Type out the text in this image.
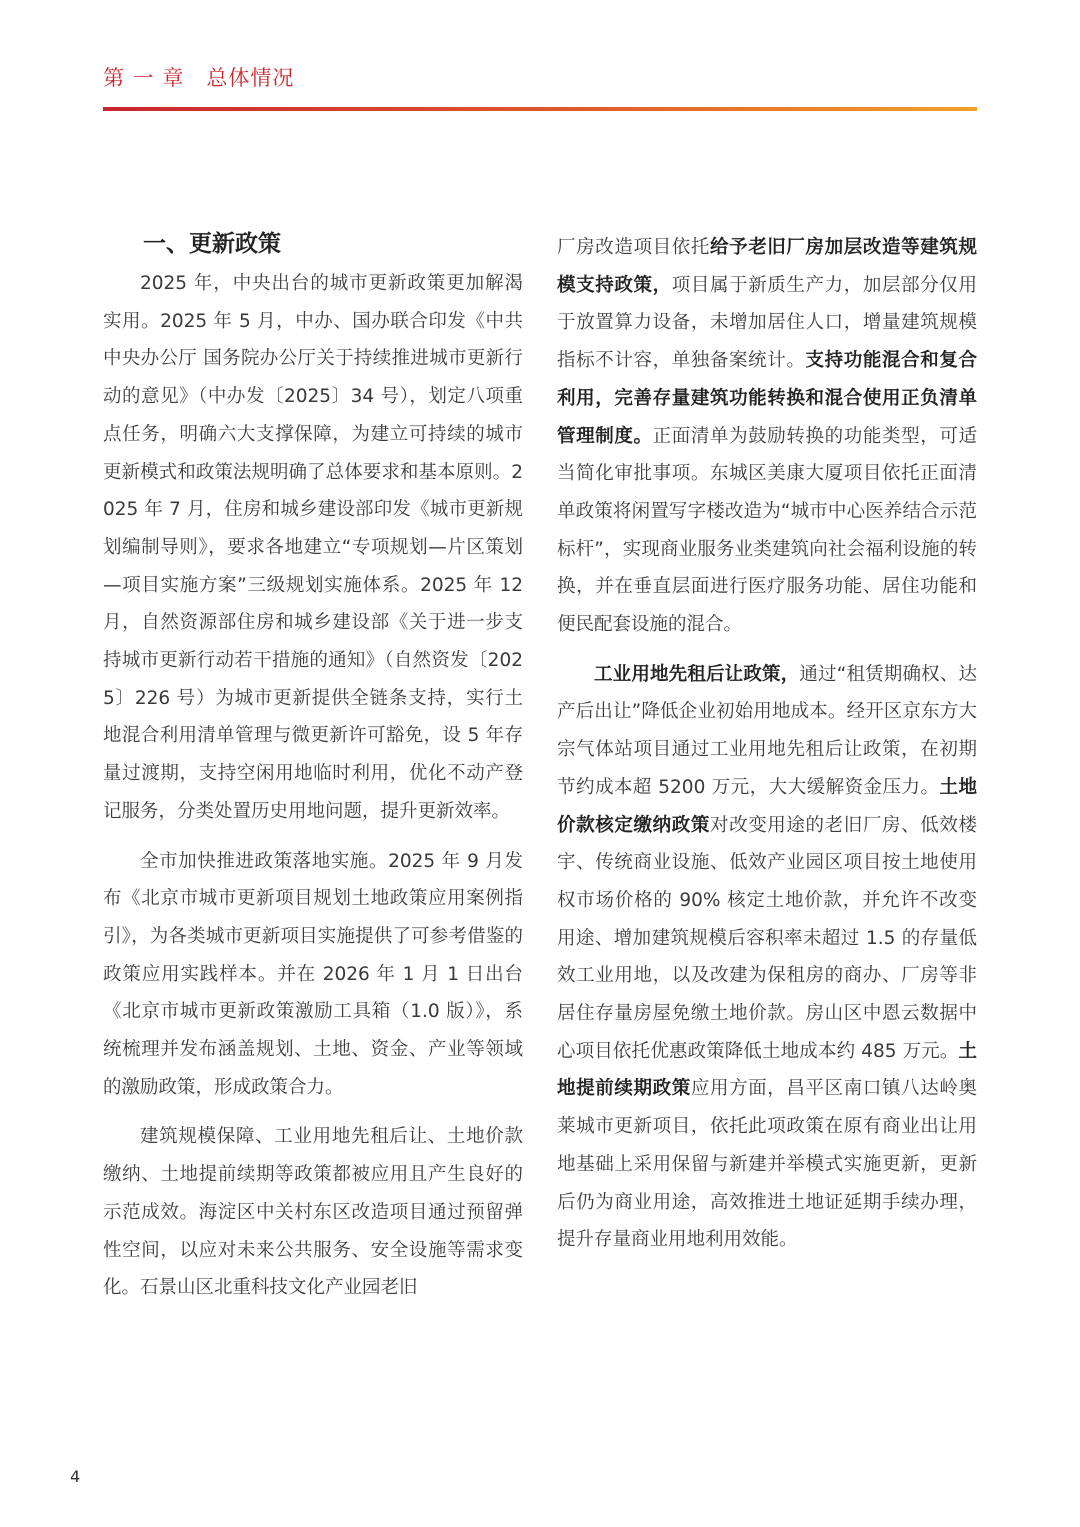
第 一 章　总体情况
一、更新政策

2025 年，中央出台的城市更新政策更加解渴实用。2025 年 5 月，中办、国办联合印发《中共中央办公厅 国务院办公厅关于持续推进城市更新行动的意见》（中办发〔2025〕34 号），划定八项重点任务，明确六大支撑保障，为建立可持续的城市更新模式和政策法规明确了总体要求和基本原则。2025 年 7 月，住房和城乡建设部印发《城市更新规划编制导则》，要求各地建立“专项规划—片区策划—项目实施方案”三级规划实施体系。2025 年 12 月，自然资源部住房和城乡建设部《关于进一步支持城市更新行动若干措施的通知》（自然资发〔2025〕226 号）为城市更新提供全链条支持，实行土地混合利用清单管理与微更新许可豁免，设 5 年存量过渡期，支持空闲用地临时利用，优化不动产登记服务，分类处置历史用地问题，提升更新效率。

全市加快推进政策落地实施。2025 年 9 月发布《北京市城市更新项目规划土地政策应用案例指引》，为各类城市更新项目实施提供了可参考借鉴的政策应用实践样本。并在 2026 年 1 月 1 日出台《北京市城市更新政策激励工具箱（1.0 版）》，系统梳理并发布涵盖规划、土地、资金、产业等领域的激励政策，形成政策合力。

建筑规模保障、工业用地先租后让、土地价款缴纳、土地提前续期等政策都被应用且产生良好的示范成效。海淀区中关村东区改造项目通过预留弹性空间，以应对未来公共服务、安全设施等需求变化。石景山区北重科技文化产业园老旧

厂房改造项目依托给予老旧厂房加层改造等建筑规模支持政策，项目属于新质生产力，加层部分仅用于放置算力设备，未增加居住人口，增量建筑规模指标不计容，单独备案统计。支持功能混合和复合利用，完善存量建筑功能转换和混合使用正负清单管理制度。正面清单为鼓励转换的功能类型，可适当简化审批事项。东城区美康大厦项目依托正面清单政策将闲置写字楼改造为“城市中心医养结合示范标杆”，实现商业服务业类建筑向社会福利设施的转换，并在垂直层面进行医疗服务功能、居住功能和便民配套设施的混合。

工业用地先租后让政策，通过“租赁期确权、达产后出让”降低企业初始用地成本。经开区京东方大宗气体站项目通过工业用地先租后让政策，在初期节约成本超 5200 万元，大大缓解资金压力。土地价款核定缴纳政策对改变用途的老旧厂房、低效楼宇、传统商业设施、低效产业园区项目按土地使用权市场价格的 90% 核定土地价款，并允许不改变用途、增加建筑规模后容积率未超过 1.5 的存量低效工业用地，以及改建为保租房的商办、厂房等非居住存量房屋免缴土地价款。房山区中恩云数据中心项目依托优惠政策降低土地成本约 485 万元。土地提前续期政策应用方面，昌平区南口镇八达岭奥莱城市更新项目，依托此项政策在原有商业出让用地基础上采用保留与新建并举模式实施更新，更新后仍为商业用途，高效推进土地证延期手续办理，提升存量商业用地利用效能。

4
